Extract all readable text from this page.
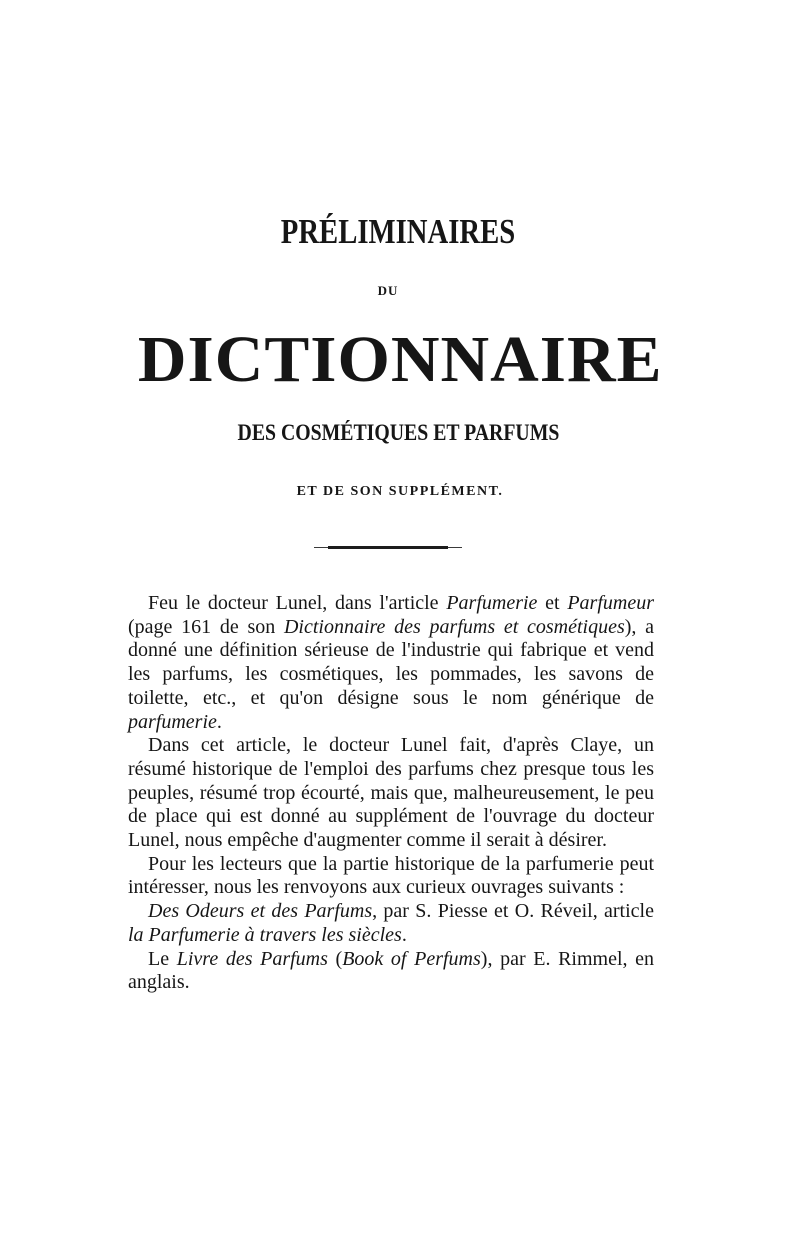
PRÉLIMINAIRES
DU
DICTIONNAIRE
DES COSMÉTIQUES ET PARFUMS
ET DE SON SUPPLÉMENT.

Feu le docteur Lunel, dans l'article Parfumerie et Parfumeur (page 161 de son Dictionnaire des parfums et cosmétiques), a donné une définition sérieuse de l'industrie qui fabrique et vend les parfums, les cosmétiques, les pommades, les savons de toilette, etc., et qu'on désigne sous le nom générique de parfumerie.

Dans cet article, le docteur Lunel fait, d'après Claye, un résumé historique de l'emploi des parfums chez presque tous les peuples, résumé trop écourté, mais que, malheureusement, le peu de place qui est donné au supplément de l'ouvrage du docteur Lunel, nous empêche d'augmenter comme il serait à désirer.

Pour les lecteurs que la partie historique de la parfumerie peut intéresser, nous les renvoyons aux curieux ouvrages suivants :

Des Odeurs et des Parfums, par S. Piesse et O. Réveil, article la Parfumerie à travers les siècles.

Le Livre des Parfums (Book of Perfums), par E. Rimmel, en anglais.
